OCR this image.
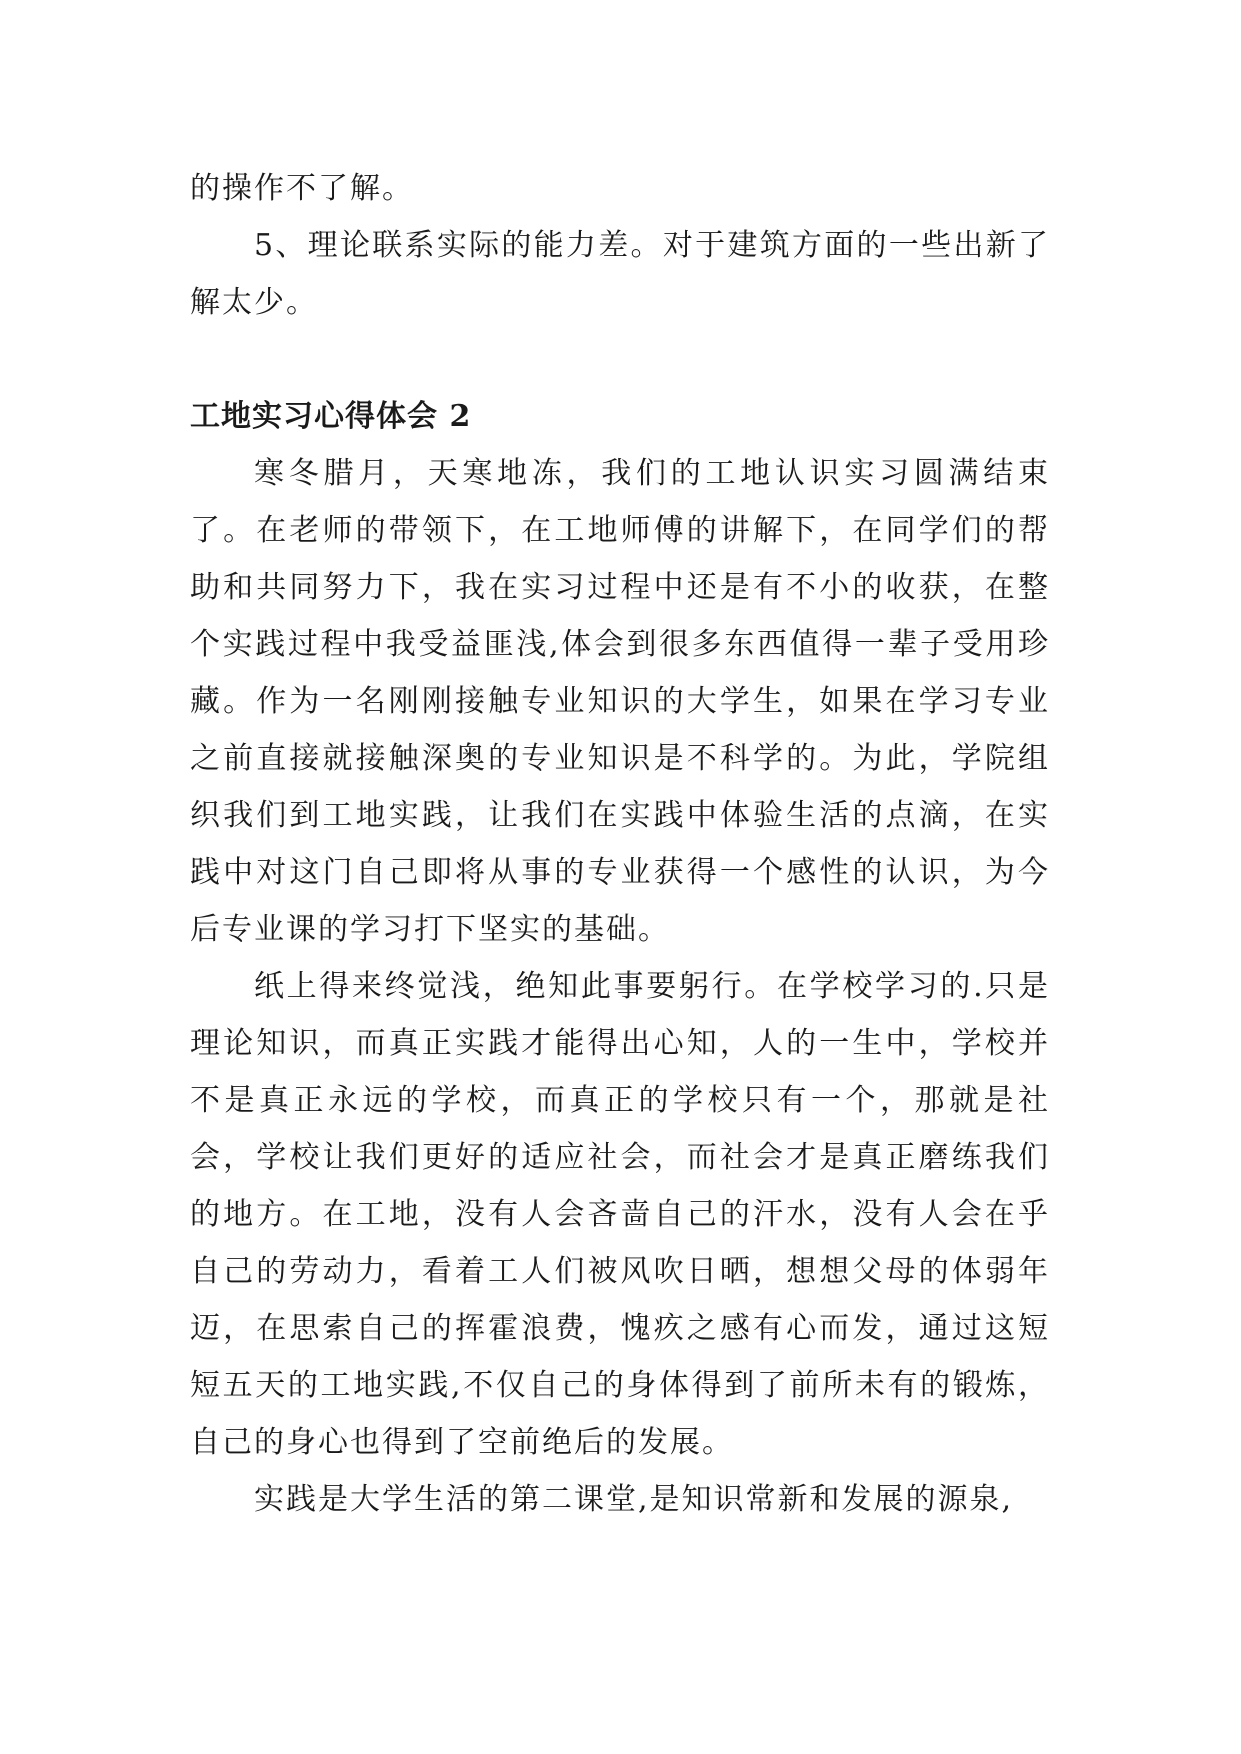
的操作不了解。

5、理论联系实际的能力差。对于建筑方面的一些出新了解太少。

工地实习心得体会 2

寒冬腊月，天寒地冻，我们的工地认识实习圆满结束了。在老师的带领下，在工地师傅的讲解下，在同学们的帮助和共同努力下，我在实习过程中还是有不小的收获，在整个实践过程中我受益匪浅,体会到很多东西值得一辈子受用珍藏。作为一名刚刚接触专业知识的大学生，如果在学习专业之前直接就接触深奥的专业知识是不科学的。为此，学院组织我们到工地实践，让我们在实践中体验生活的点滴，在实践中对这门自己即将从事的专业获得一个感性的认识，为今后专业课的学习打下坚实的基础。

纸上得来终觉浅，绝知此事要躬行。在学校学习的.只是理论知识，而真正实践才能得出心知，人的一生中，学校并不是真正永远的学校，而真正的学校只有一个，那就是社会，学校让我们更好的适应社会，而社会才是真正磨练我们的地方。在工地，没有人会吝啬自己的汗水，没有人会在乎自己的劳动力，看着工人们被风吹日晒，想想父母的体弱年迈，在思索自己的挥霍浪费，愧疚之感有心而发，通过这短短五天的工地实践,不仅自己的身体得到了前所未有的锻炼，自己的身心也得到了空前绝后的发展。

实践是大学生活的第二课堂,是知识常新和发展的源泉,
